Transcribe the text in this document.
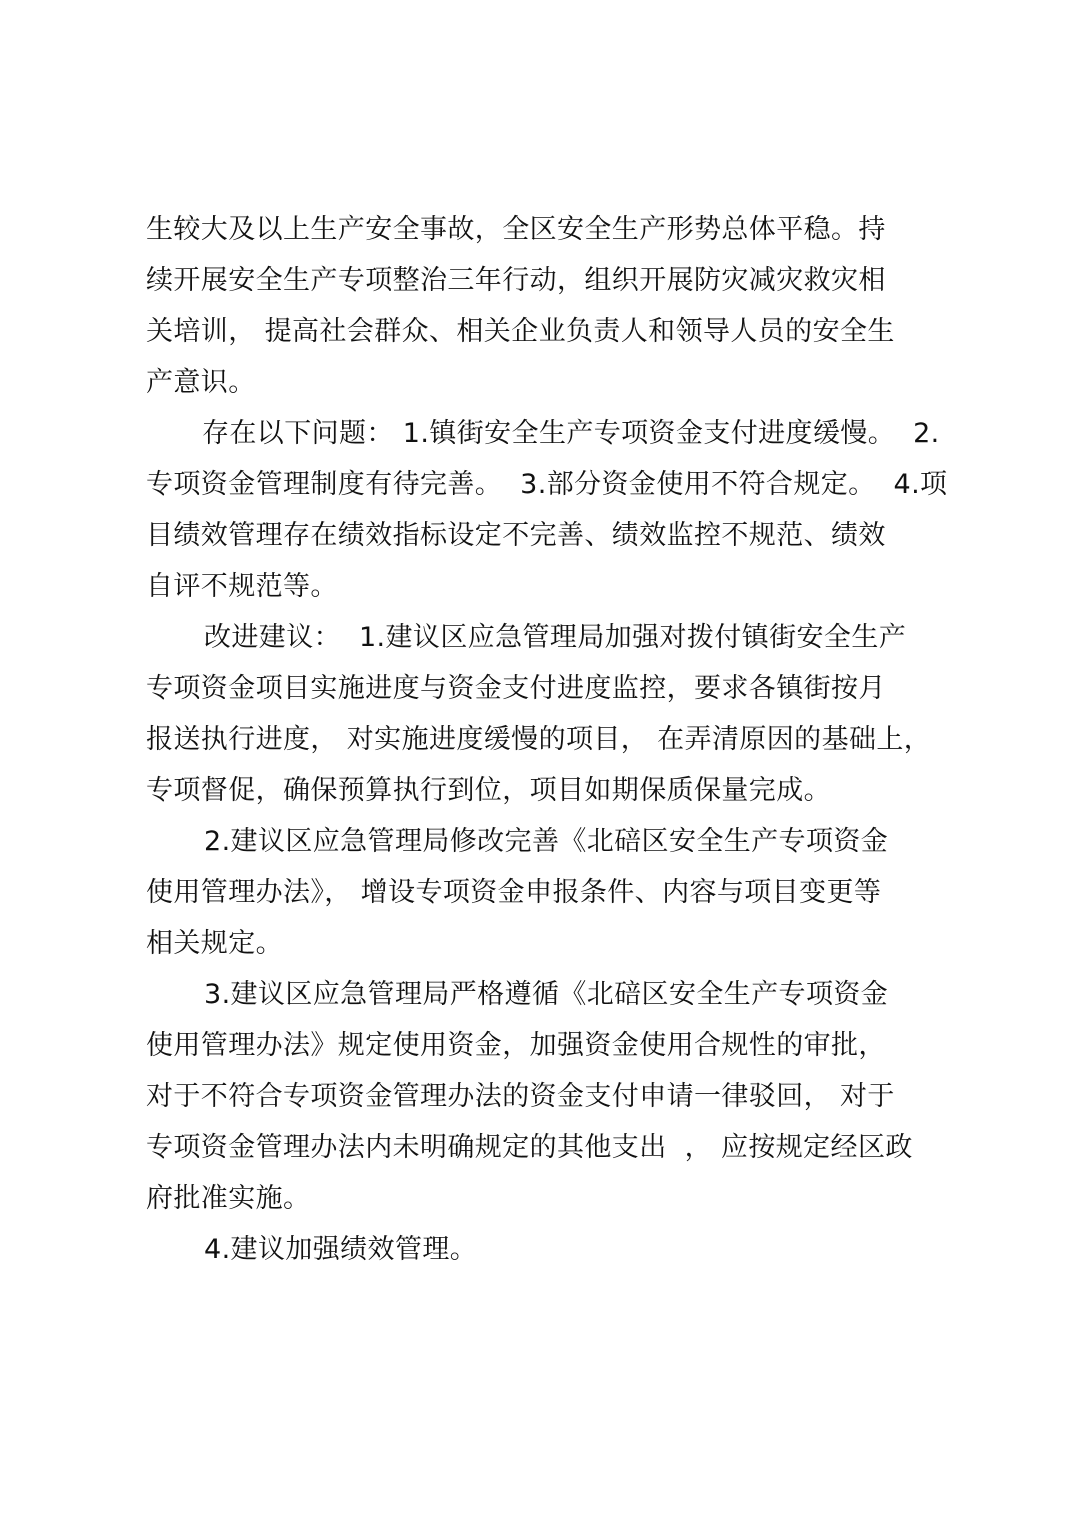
生较大及以上生产安全事故，全区安全生产形势总体平稳。持
续开展安全生产专项整治三年行动，组织开展防灾减灾救灾相
关培训， 提高社会群众、相关企业负责人和领导人员的安全生
产意识。
存在以下问题： 1.镇街安全生产专项资金支付进度缓慢。  2.
专项资金管理制度有待完善。  3.部分资金使用不符合规定。  4.项
目绩效管理存在绩效指标设定不完善、绩效监控不规范、绩效
自评不规范等。
改进建议：  1.建议区应急管理局加强对拨付镇街安全生产
专项资金项目实施进度与资金支付进度监控，要求各镇街按月
报送执行进度， 对实施进度缓慢的项目， 在弄清原因的基础上，
专项督促，确保预算执行到位，项目如期保质保量完成。
2.建议区应急管理局修改完善《北碚区安全生产专项资金
使用管理办法》， 增设专项资金申报条件、内容与项目变更等
相关规定。
3.建议区应急管理局严格遵循《北碚区安全生产专项资金
使用管理办法》规定使用资金，加强资金使用合规性的审批，
对于不符合专项资金管理办法的资金支付申请一律驳回， 对于
专项资金管理办法内未明确规定的其他支出  ， 应按规定经区政
府批准实施。
4.建议加强绩效管理。
